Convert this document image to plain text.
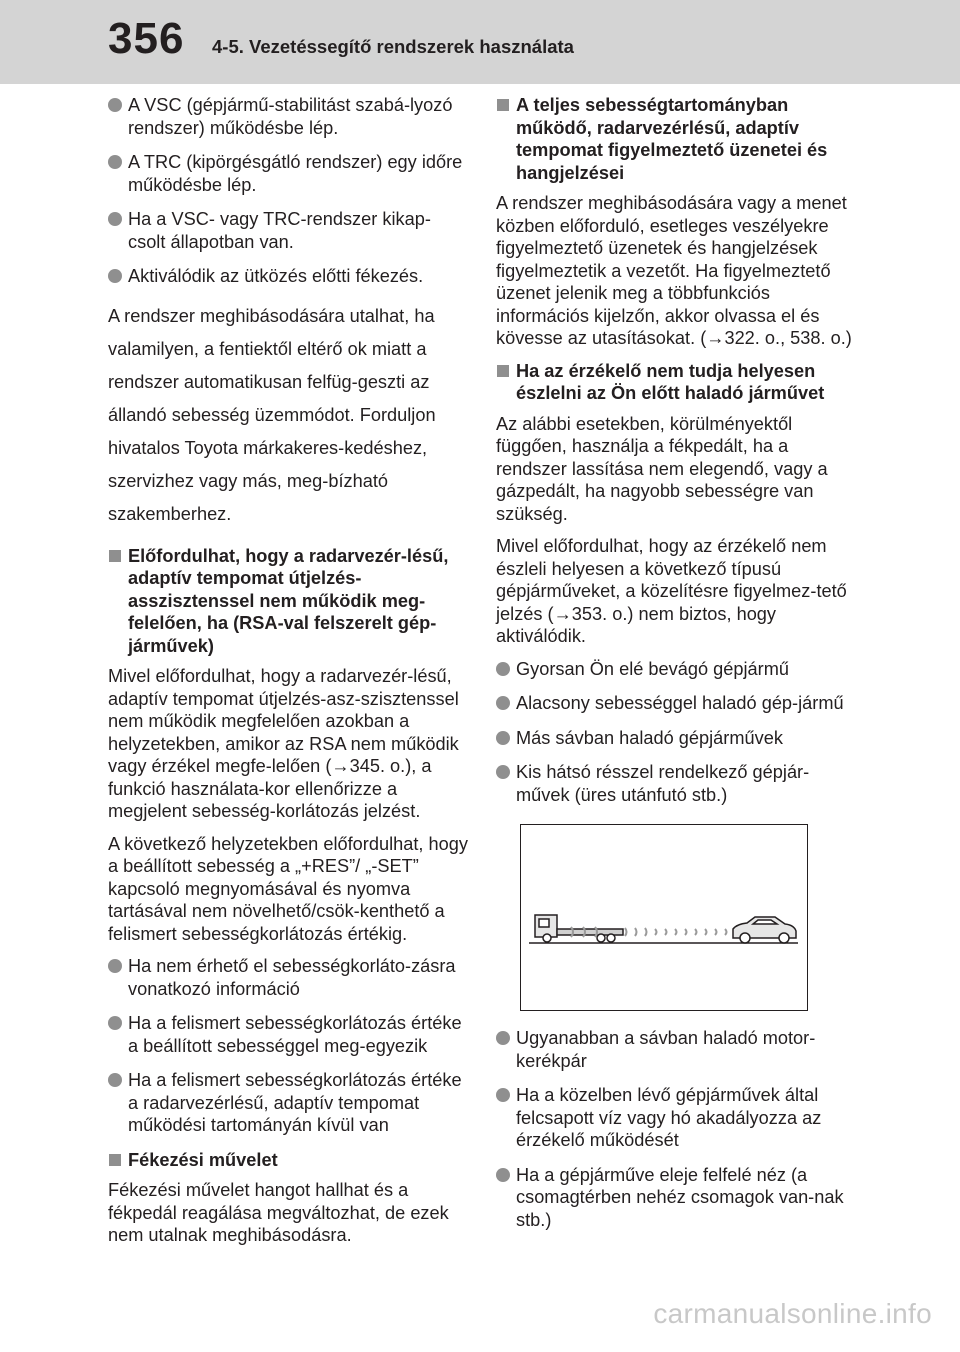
356 4-5. Vezetéssegítő rendszerek használata
A VSC (gépjármű-stabilitást szabá-lyozó rendszer) működésbe lép.
A TRC (kipörgésgátló rendszer) egy időre működésbe lép.
Ha a VSC- vagy TRC-rendszer kikap-csolt állapotban van.
Aktiválódik az ütközés előtti fékezés.
A rendszer meghibásodására utalhat, ha valamilyen, a fentiektől eltérő ok miatt a rendszer automatikusan felfüg-geszti az állandó sebesség üzemmódot. Forduljon hivatalos Toyota márkakeres-kedéshez, szervizhez vagy más, meg-bízható szakemberhez.
Előfordulhat, hogy a radarvezér-lésű, adaptív tempomat útjelzés-asszisztenssel nem működik meg-felelően, ha (RSA-val felszerelt gép-járművek)
Mivel előfordulhat, hogy a radarvezér-lésű, adaptív tempomat útjelzés-asz-szisztenssel nem működik megfelelően azokban a helyzetekben, amikor az RSA nem működik vagy érzékel megfe-lelően (→345. o.), a funkció használata-kor ellenőrizze a megjelent sebesség-korlátozás jelzést.
A következő helyzetekben előfordulhat, hogy a beállított sebesség a „+RES”/ „-SET” kapcsoló megnyomásával és nyomva tartásával nem növelhető/csök-kenthető a felismert sebességkorlátozás értékig.
Ha nem érhető el sebességkorláto-zásra vonatkozó információ
Ha a felismert sebességkorlátozás értéke a beállított sebességgel meg-egyezik
Ha a felismert sebességkorlátozás értéke a radarvezérlésű, adaptív tempomat működési tartományán kívül van
Fékezési művelet
Fékezési művelet hangot hallhat és a fékpedál reagálása megváltozhat, de ezek nem utalnak meghibásodásra.
A teljes sebességtartományban működő, radarvezérlésű, adaptív tempomat figyelmeztető üzenetei és hangjelzései
A rendszer meghibásodására vagy a menet közben előforduló, esetleges veszélyekre figyelmeztető üzenetek és hangjelzések figyelmeztetik a vezetőt. Ha figyelmeztető üzenet jelenik meg a többfunkciós információs kijelzőn, akkor olvassa el és kövesse az utasításokat. (→322. o., 538. o.)
Ha az érzékelő nem tudja helyesen észlelni az Ön előtt haladó járművet
Az alábbi esetekben, körülményektől függően, használja a fékpedált, ha a rendszer lassítása nem elegendő, vagy a gázpedált, ha nagyobb sebességre van szükség.
Mivel előfordulhat, hogy az érzékelő nem észleli helyesen a következő típusú gépjárműveket, a közelítésre figyelmez-tető jelzés (→353. o.) nem biztos, hogy aktiválódik.
Gyorsan Ön elé bevágó gépjármű
Alacsony sebességgel haladó gép-jármű
Más sávban haladó gépjárművek
Kis hátsó résszel rendelkező gépjár-művek (üres utánfutó stb.)
Ugyanabban a sávban haladó motor-kerékpár
Ha a közelben lévő gépjárművek által felcsapott víz vagy hó akadályozza az érzékelő működését
Ha a gépjárműve eleje felfelé néz (a csomagtérben nehéz csomagok van-nak stb.)
carmanualsonline.info
